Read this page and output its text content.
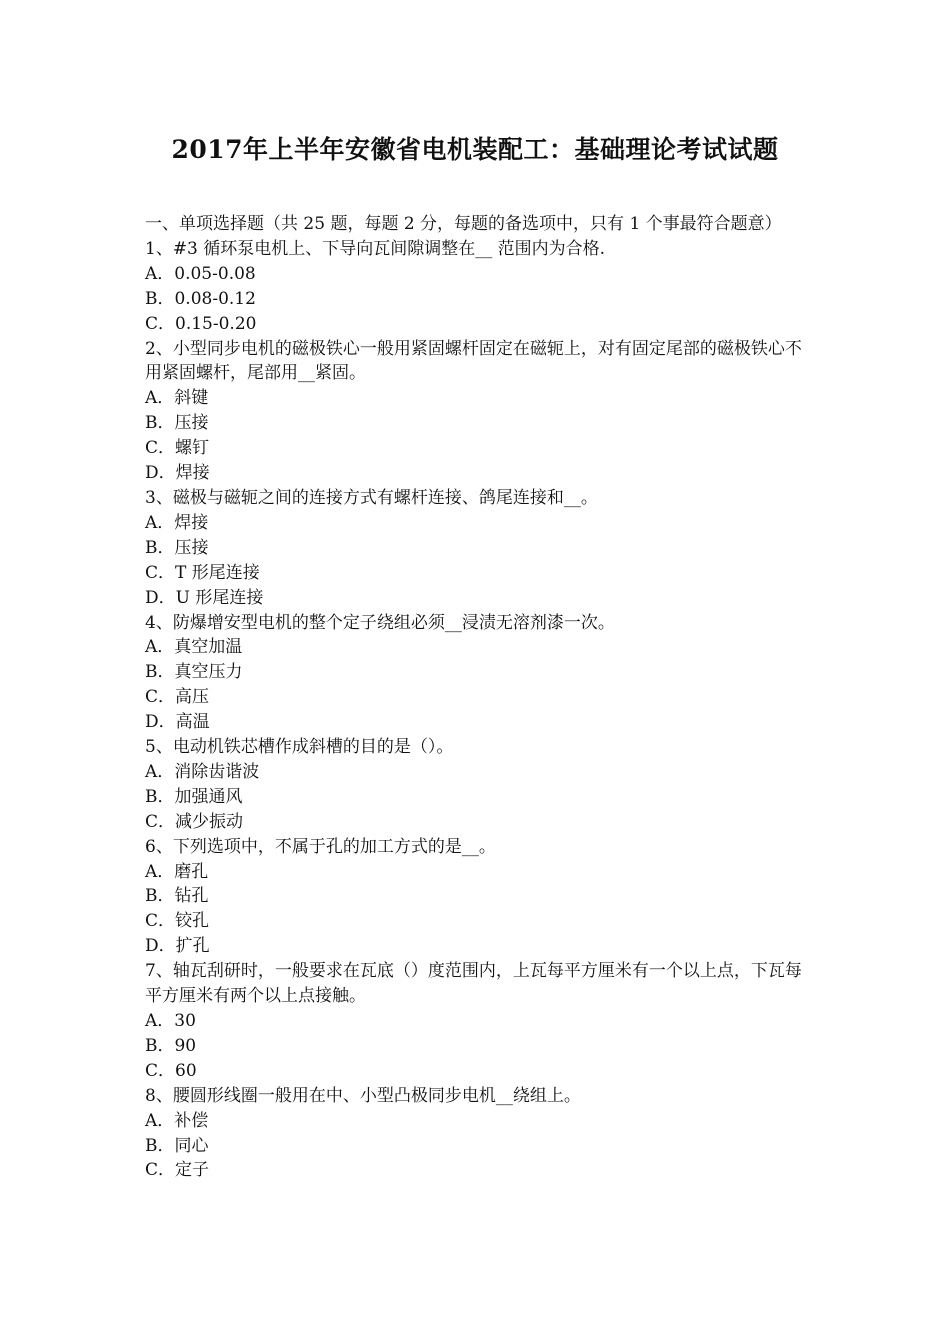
2017年上半年安徽省电机装配工：基础理论考试试题

一、单项选择题（共 25 题，每题 2 分，每题的备选项中，只有 1 个事最符合题意）

1、#3 循环泵电机上、下导向瓦间隙调整在__ 范围内为合格.

A．0.05-0.08

B．0.08-0.12

C．0.15-0.20

2、小型同步电机的磁极铁心一般用紧固螺杆固定在磁轭上，对有固定尾部的磁极铁心不用紧固螺杆，尾部用__紧固。

A．斜键

B．压接

C．螺钉

D．焊接

3、磁极与磁轭之间的连接方式有螺杆连接、鸽尾连接和__。

A．焊接

B．压接

C．T 形尾连接

D．U 形尾连接

4、防爆增安型电机的整个定子绕组必须__浸渍无溶剂漆一次。

A．真空加温

B．真空压力

C．高压

D．高温

5、电动机铁芯槽作成斜槽的目的是（）。

A．消除齿谐波

B．加强通风

C．减少振动

6、下列选项中，不属于孔的加工方式的是__。

A．磨孔

B．钻孔

C．铰孔

D．扩孔

7、轴瓦刮研时，一般要求在瓦底（）度范围内，上瓦每平方厘米有一个以上点，下瓦每平方厘米有两个以上点接触。

A．30

B．90

C．60

8、腰圆形线圈一般用在中、小型凸极同步电机__绕组上。

A．补偿

B．同心

C．定子
